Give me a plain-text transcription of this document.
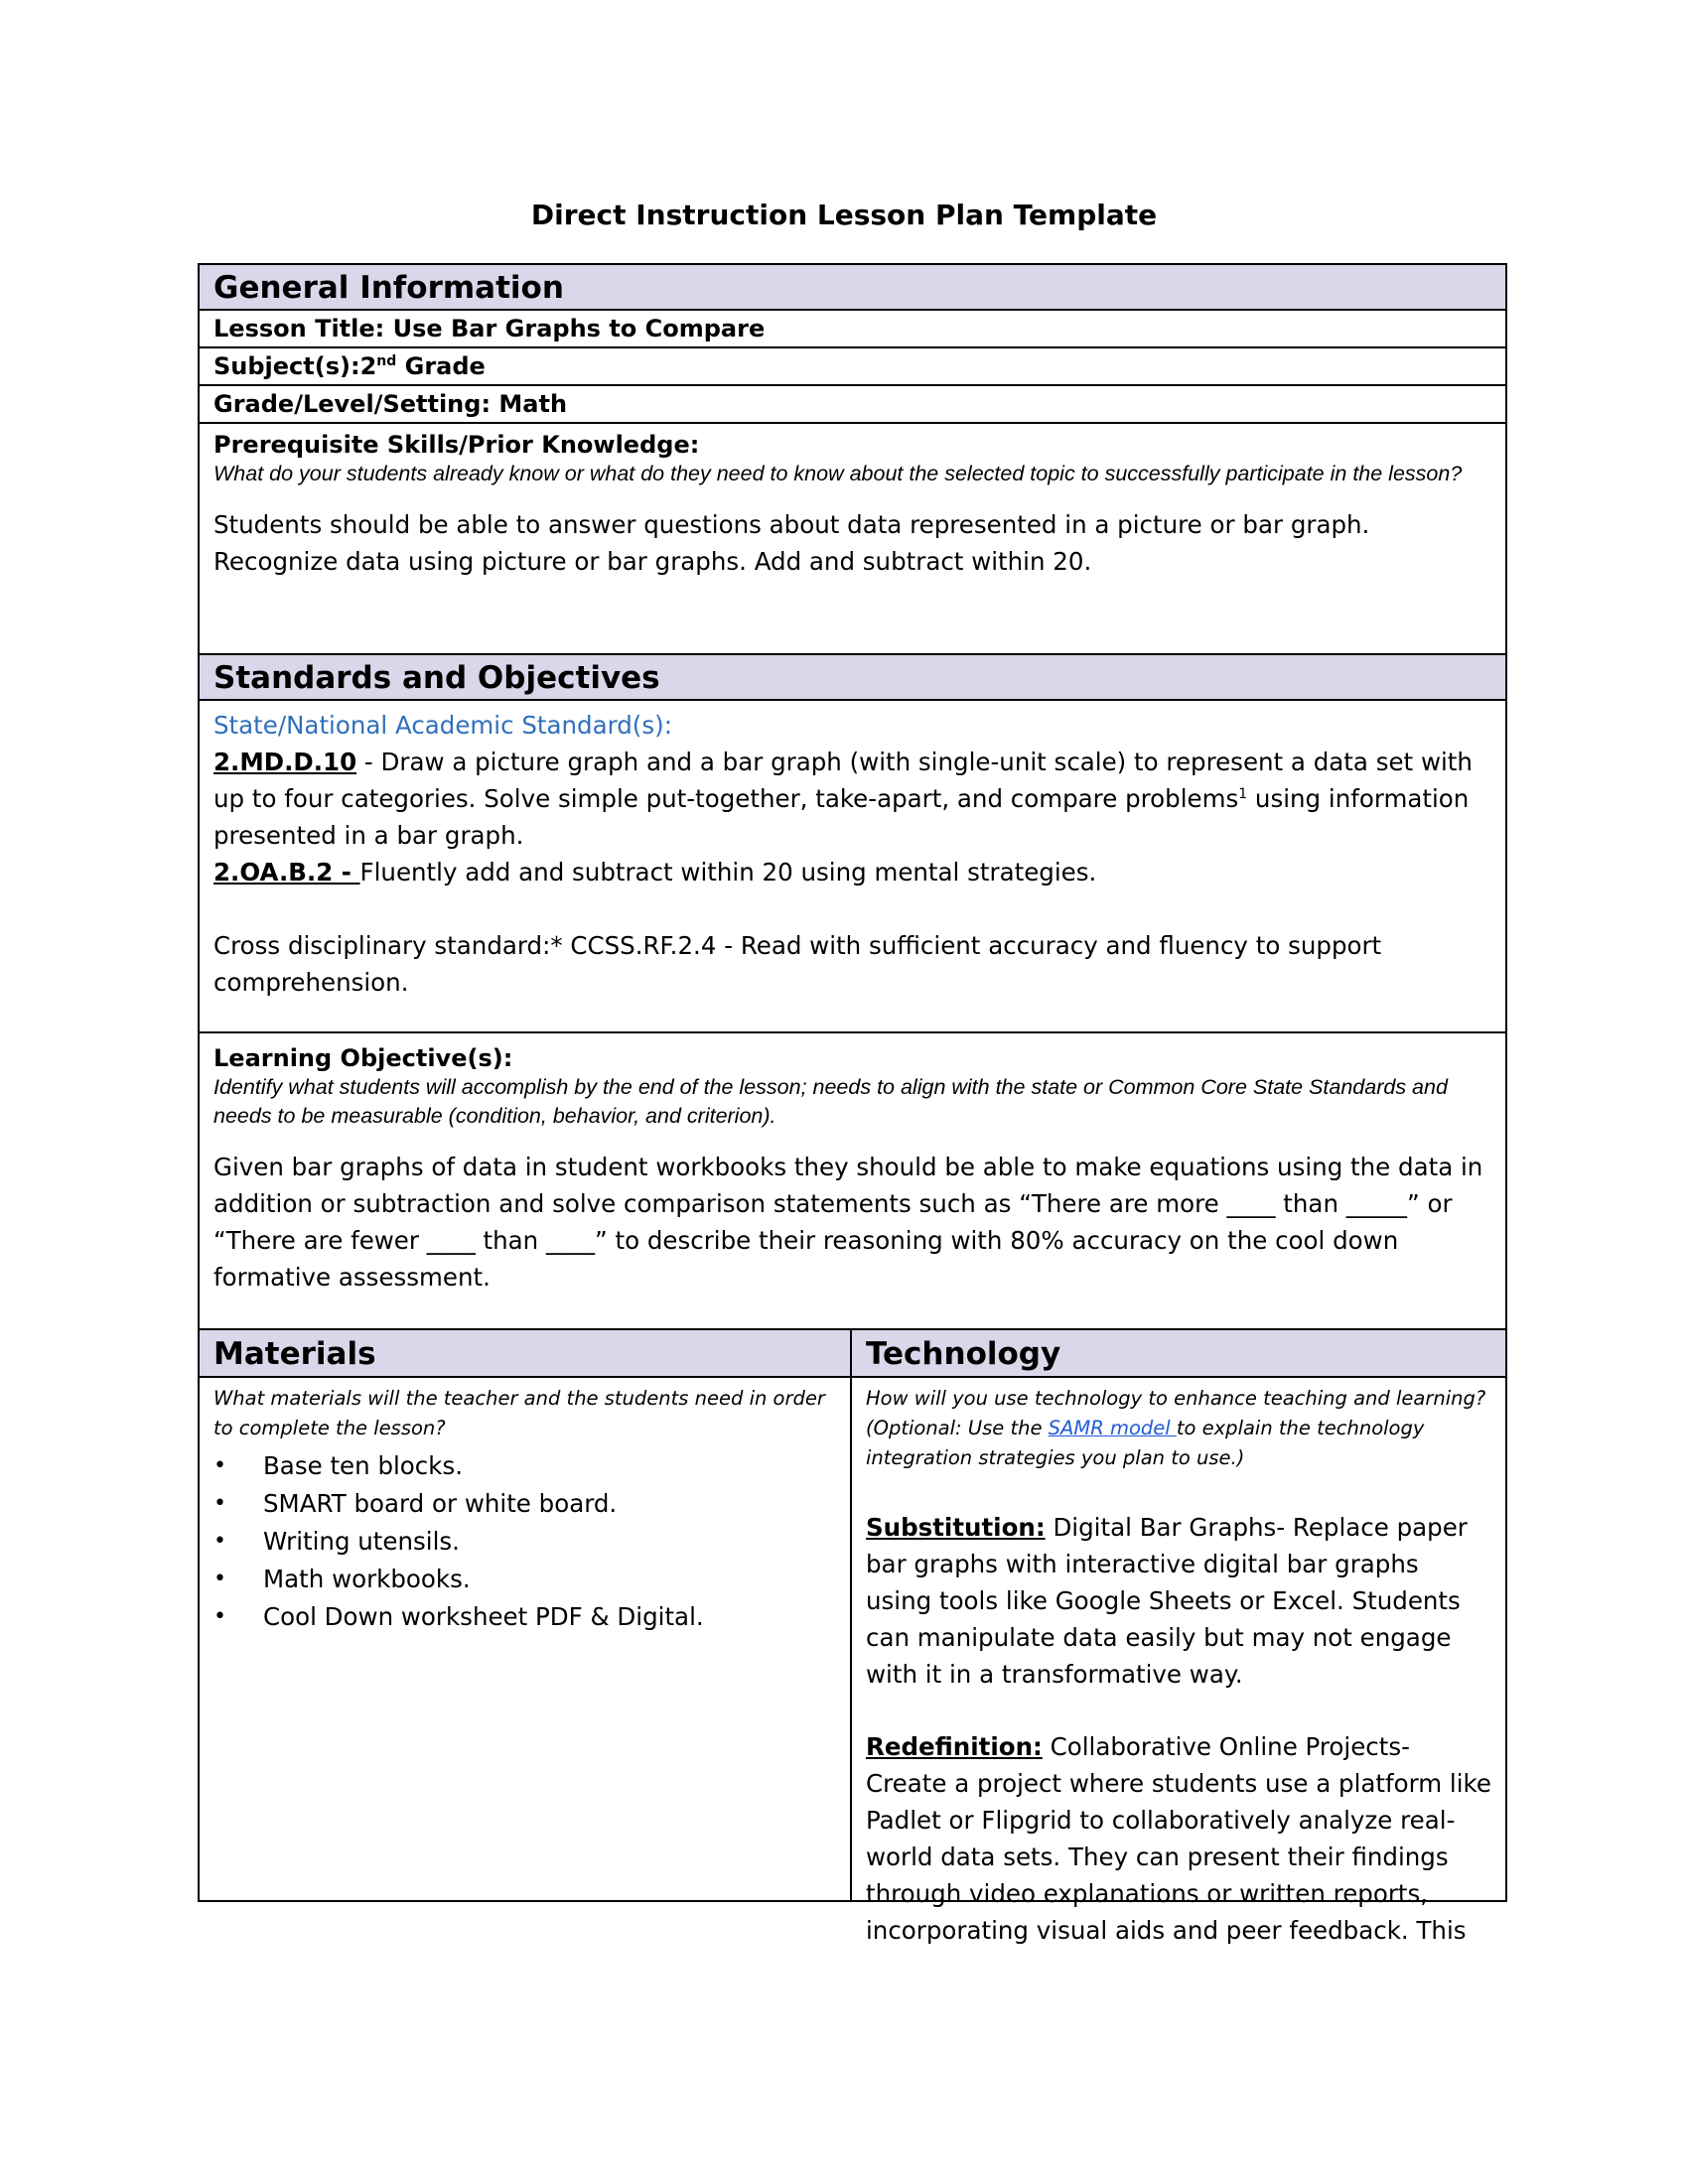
Direct Instruction Lesson Plan Template
General Information
Lesson Title: Use Bar Graphs to Compare
Subject(s):2nd Grade
Grade/Level/Setting: Math
Prerequisite Skills/Prior Knowledge:
What do your students already know or what do they need to know about the selected topic to successfully participate in the lesson?
Students should be able to answer questions about data represented in a picture or bar graph. Recognize data using picture or bar graphs. Add and subtract within 20.
Standards and Objectives
State/National Academic Standard(s):
2.MD.D.10 - Draw a picture graph and a bar graph (with single-unit scale) to represent a data set with up to four categories. Solve simple put-together, take-apart, and compare problems$^1$ using information presented in a bar graph.
2.OA.B.2 - Fluently add and subtract within 20 using mental strategies.
Cross disciplinary standard:* CCSS.RF.2.4 - Read with sufficient accuracy and fluency to support comprehension.
Learning Objective(s):
Identify what students will accomplish by the end of the lesson; needs to align with the state or Common Core State Standards and needs to be measurable (condition, behavior, and criterion).
Given bar graphs of data in student workbooks they should be able to make equations using the data in addition or subtraction and solve comparison statements such as “There are more ____ than _____” or “There are fewer ____ than ____” to describe their reasoning with 80% accuracy on the cool down formative assessment.
Materials
What materials will the teacher and the students need in order to complete the lesson?
• Base ten blocks.
• SMART board or white board.
• Writing utensils.
• Math workbooks.
• Cool Down worksheet PDF & Digital.
Technology
How will you use technology to enhance teaching and learning? (Optional: Use the SAMR model to explain the technology integration strategies you plan to use.)

Substitution: Digital Bar Graphs- Replace paper bar graphs with interactive digital bar graphs using tools like Google Sheets or Excel. Students can manipulate data easily but may not engage with it in a transformative way.

Redefinition: Collaborative Online Projects- Create a project where students use a platform like Padlet or Flipgrid to collaboratively analyze real-world data sets. They can present their findings through video explanations or written reports, incorporating visual aids and peer feedback. This
